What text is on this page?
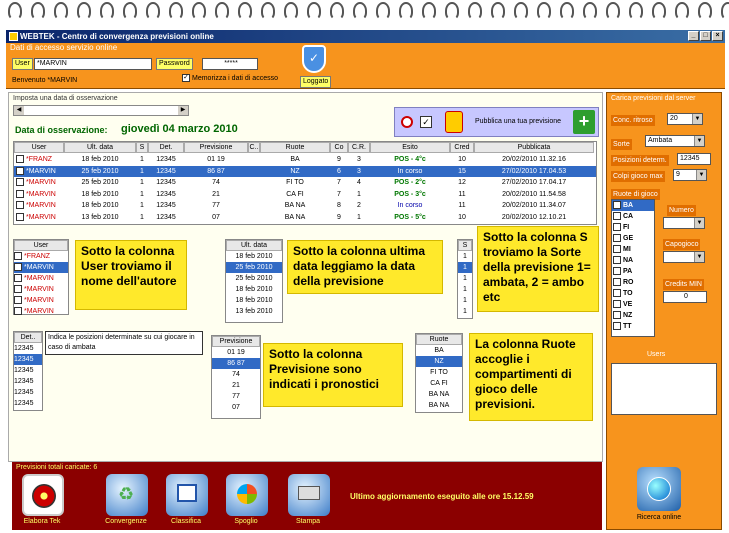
WEBTEK - Centro di convergenza previsioni online	_	□	×
Dati di accesso servizio online
User	*MARVIN	Password	*****
Benvenuto *MARVIN	✓ Memorizza i dati di accesso
✓
Loggato
Imposta una data di osservazione
◀	▶
Data di osservazione: giovedì 04 marzo 2010
✓	Pubblica una tua previsione +
User	Ult. data	S	Det.	Previsione	C..	Ruote	Co	C.R.	Esito	Cred	Pubblicata
*FRANZ	18 feb 2010	1	12345	01 19	BA	9	3	POS - 4°c	10	20/02/2010 11.32.16
*MARVIN	25 feb 2010	1	12345	86 87	NZ	6	3	In corso	15	27/02/2010 17.04.53
*MARVIN	25 feb 2010	1	12345	74	FI TO	7	4	POS - 2°c	12	27/02/2010 17.04.17
*MARVIN	18 feb 2010	1	12345	21	CA FI	7	1	POS - 3°c	11	20/02/2010 11.54.58
*MARVIN	18 feb 2010	1	12345	77	BA NA	8	2	In corso	11	20/02/2010 11.34.07
*MARVIN	13 feb 2010	1	12345	07	BA NA	9	1	POS - 5°c	10	20/02/2010 12.10.21
User
*FRANZ
*MARVIN
*MARVIN
*MARVIN
*MARVIN
*MARVIN
Sotto la colonna User troviamo il nome dell'autore
Ult. data
18 feb 2010
25 feb 2010
25 feb 2010
18 feb 2010
18 feb 2010
13 feb 2010
Sotto la colonna ultima data leggiamo la data della previsione
S
1
1
1
1
1
1
Sotto la colonna S troviamo la Sorte della previsione 1= ambata, 2 = ambo etc
Det..
12345
12345
12345
12345
12345
12345
Indica le posizioni determinate su cui giocare in caso di ambata
Previsione
01 19
86 87
74
21
77
07
Sotto la colonna Previsione sono indicati i pronostici
Ruote
BA
NZ
FI TO
CA FI
BA NA
BA NA
La colonna Ruote accoglie i compartimenti di gioco delle previsioni.
Previsioni totali caricate: 6
Elabora Tek
♻
Convergenze	Classifica	Spoglio	Stampa
Ultimo aggiornamento eseguito alle ore 15.12.59
Carica previsioni dal server
Conc. ritroso	20	▼
Sorte
Ambata	▼
Posizioni determ.	12345
Colpi gioco max	9	▼
Ruote di gioco
BA
CA
FI
GE
MI
NA
PA
RO
TO
VE
NZ
TT
Numero
▼
Capogioco
▼
Credits MIN
0
Users
Ricerca online
